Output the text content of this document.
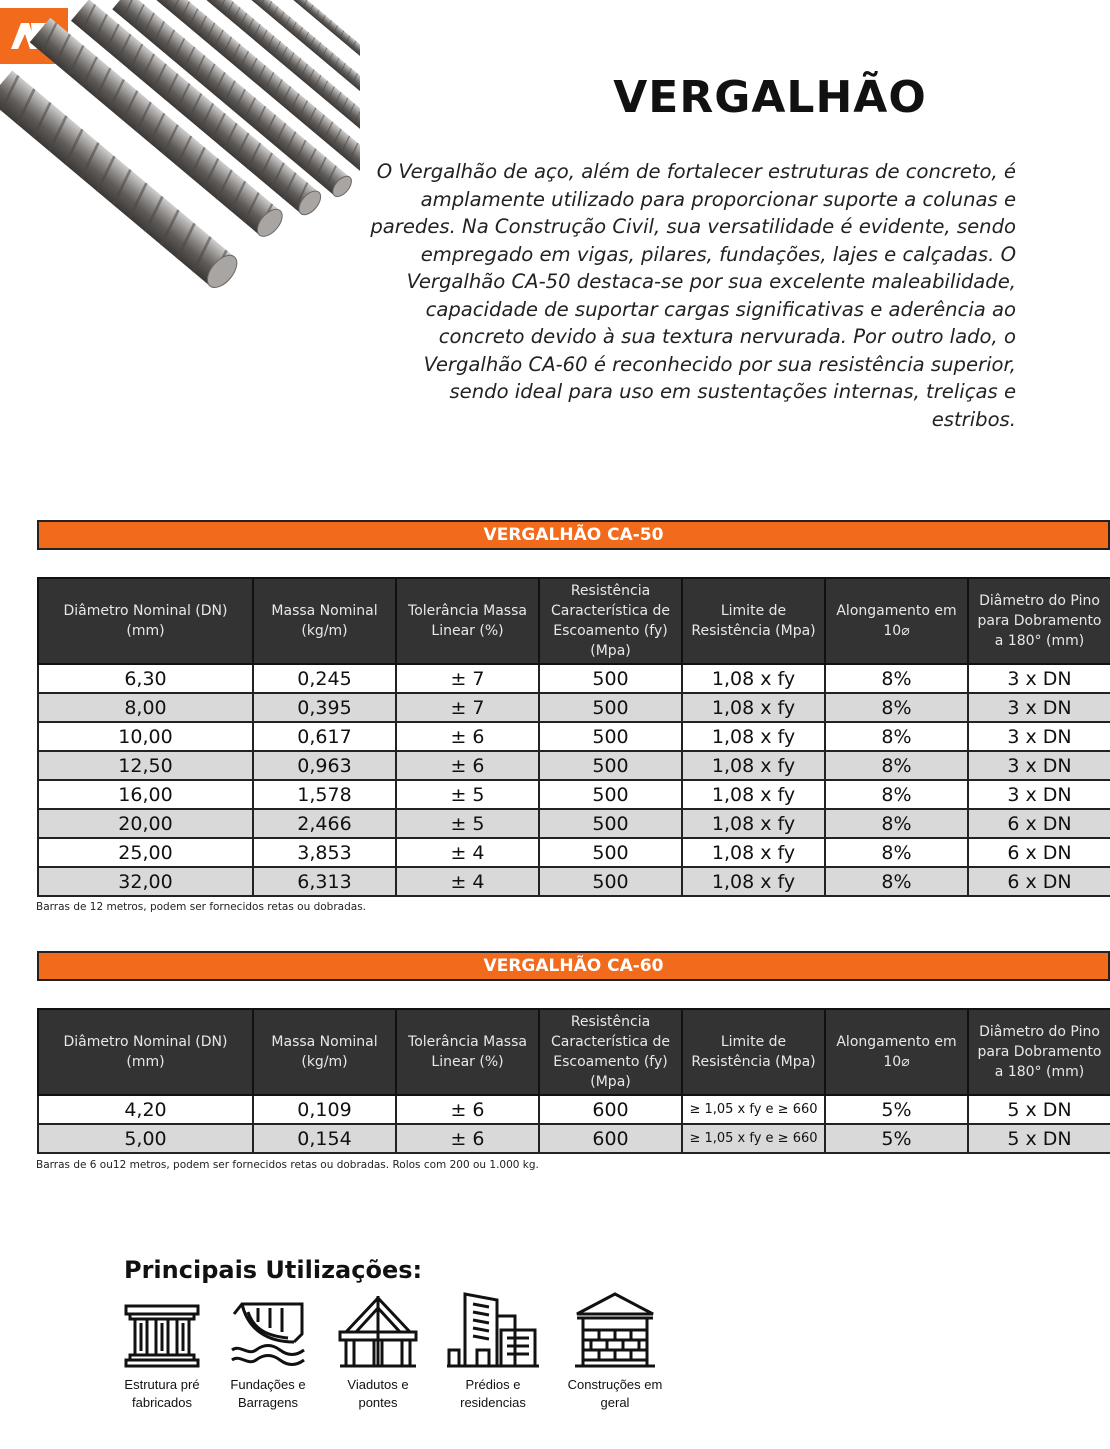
VERGALHÃO
O Vergalhão de aço, além de fortalecer estruturas de concreto, é amplamente utilizado para proporcionar suporte a colunas e paredes. Na Construção Civil, sua versatilidade é evidente, sendo empregado em vigas, pilares, fundações, lajes e calçadas. O Vergalhão CA-50 destaca-se por sua excelente maleabilidade, capacidade de suportar cargas significativas e aderência ao concreto devido à sua textura nervurada. Por outro lado, o Vergalhão CA-60 é reconhecido por sua resistência superior, sendo ideal para uso em sustentações internas, treliças e estribos.
VERGALHÃO CA-50
Diâmetro Nominal (DN) (mm)	Massa Nominal (kg/m)	Tolerância Massa Linear (%)	Resistência Característica de Escoamento (fy) (Mpa)	Limite de Resistência (Mpa)	Alongamento em 10⌀	Diâmetro do Pino para Dobramento a 180° (mm)
6,30	0,245	± 7	500	1,08 x fy	8%	3 x DN
8,00	0,395	± 7	500	1,08 x fy	8%	3 x DN
10,00	0,617	± 6	500	1,08 x fy	8%	3 x DN
12,50	0,963	± 6	500	1,08 x fy	8%	3 x DN
16,00	1,578	± 5	500	1,08 x fy	8%	3 x DN
20,00	2,466	± 5	500	1,08 x fy	8%	6 x DN
25,00	3,853	± 4	500	1,08 x fy	8%	6 x DN
32,00	6,313	± 4	500	1,08 x fy	8%	6 x DN
Barras de 12 metros, podem ser fornecidos retas ou dobradas.
VERGALHÃO CA-60
Diâmetro Nominal (DN) (mm)	Massa Nominal (kg/m)	Tolerância Massa Linear (%)	Resistência Característica de Escoamento (fy) (Mpa)	Limite de Resistência (Mpa)	Alongamento em 10⌀	Diâmetro do Pino para Dobramento a 180° (mm)
4,20	0,109	± 6	600	≥ 1,05 x fy e ≥ 660	5%	5 x DN
5,00	0,154	± 6	600	≥ 1,05 x fy e ≥ 660	5%	5 x DN
Barras de 6 ou12 metros, podem ser fornecidos retas ou dobradas. Rolos com 200 ou 1.000 kg.
Principais Utilizações:
Estrutura pré
fabricados
Fundações e
Barragens
Viadutos e
pontes
Prédios e
residencias
Construções em
geral
